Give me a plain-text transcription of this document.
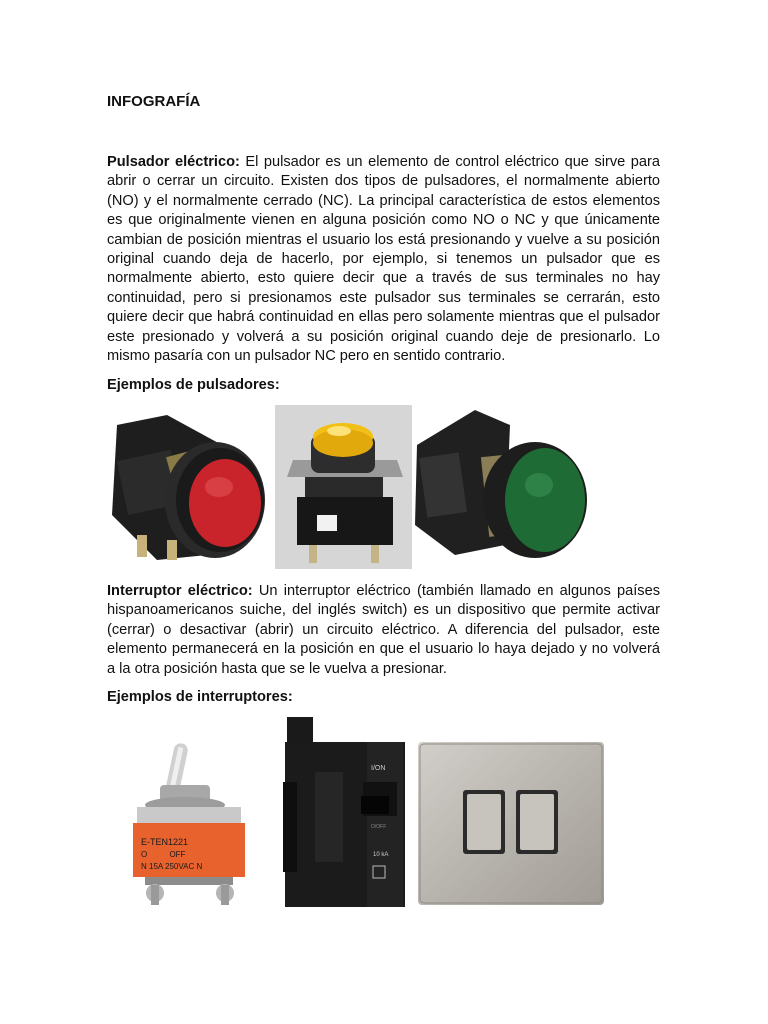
INFOGRAFÍA

Pulsador eléctrico: El pulsador es un elemento de control eléctrico que sirve para abrir o cerrar un circuito. Existen dos tipos de pulsadores, el normalmente abierto (NO) y el normalmente cerrado (NC). La principal característica de estos elementos es que originalmente vienen en alguna posición como NO o NC y que únicamente cambian de posición mientras el usuario los está presionando y vuelve a su posición original cuando deja de hacerlo, por ejemplo, si tenemos un pulsador que es normalmente abierto, esto quiere decir que a través de sus terminales no hay continuidad, pero si presionamos este pulsador sus terminales se cerrarán, esto quiere decir que habrá continuidad en ellas pero solamente mientras que el pulsador este presionado y volverá a su posición original cuando deje de presionarlo. Lo mismo pasaría con un pulsador NC pero en sentido contrario.

Ejemplos de pulsadores:

Interruptor eléctrico: Un interruptor eléctrico (también llamado en algunos países hispanoamericanos suiche, del inglés switch) es un dispositivo que permite activar (cerrar) o desactivar (abrir) un circuito eléctrico. A diferencia del pulsador, este elemento permanecerá en la posición en que el usuario lo haya dejado y no volverá a la otra posición hasta que se le vuelva a presionar.

Ejemplos de interruptores:
E-TEN1221
O          OFF
N 15A 250VAC N
I/ON
O/OFF
10 kA
